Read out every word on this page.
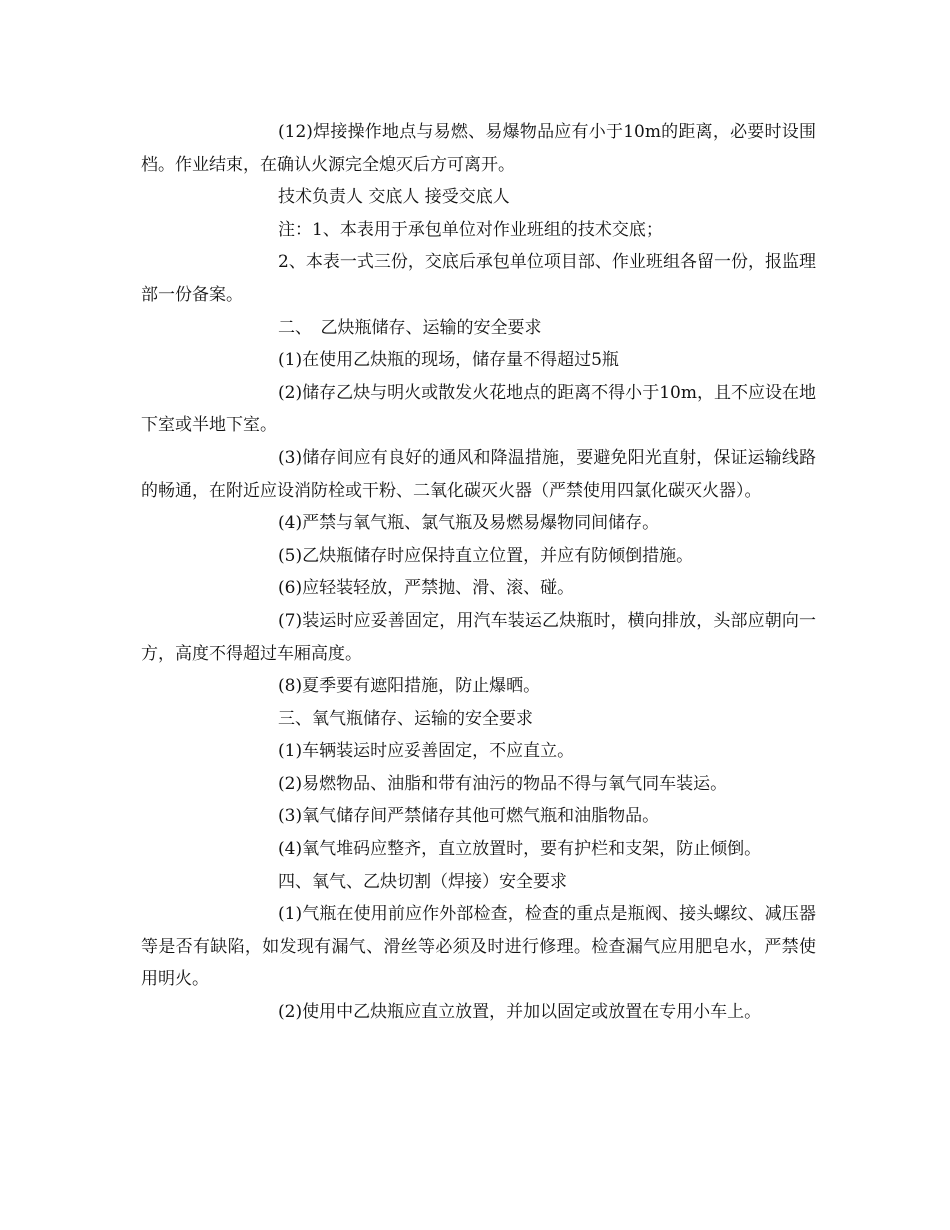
(12)焊接操作地点与易燃、易爆物品应有小于10m的距离，必要时设围档。作业结束，在确认火源完全熄灭后方可离开。

技术负责人 交底人 接受交底人

注：1、本表用于承包单位对作业班组的技术交底；

2、本表一式三份，交底后承包单位项目部、作业班组各留一份，报监理部一份备案。

二、　乙炔瓶储存、运输的安全要求

(1)在使用乙炔瓶的现场，储存量不得超过5瓶

(2)储存乙炔与明火或散发火花地点的距离不得小于10m，且不应设在地下室或半地下室。

(3)储存间应有良好的通风和降温措施，要避免阳光直射，保证运输线路的畅通，在附近应设消防栓或干粉、二氧化碳灭火器（严禁使用四氯化碳灭火器）。

(4)严禁与氧气瓶、氯气瓶及易燃易爆物同间储存。

(5)乙炔瓶储存时应保持直立位置，并应有防倾倒措施。

(6)应轻装轻放，严禁抛、滑、滚、碰。

(7)装运时应妥善固定，用汽车装运乙炔瓶时，横向排放，头部应朝向一方，高度不得超过车厢高度。

(8)夏季要有遮阳措施，防止爆晒。

三、氧气瓶储存、运输的安全要求

(1)车辆装运时应妥善固定，不应直立。

(2)易燃物品、油脂和带有油污的物品不得与氧气同车装运。

(3)氧气储存间严禁储存其他可燃气瓶和油脂物品。

(4)氧气堆码应整齐，直立放置时，要有护栏和支架，防止倾倒。

四、氧气、乙炔切割（焊接）安全要求

(1)气瓶在使用前应作外部检查，检查的重点是瓶阀、接头螺纹、减压器等是否有缺陷，如发现有漏气、滑丝等必须及时进行修理。检查漏气应用肥皂水，严禁使用明火。

(2)使用中乙炔瓶应直立放置，并加以固定或放置在专用小车上。
